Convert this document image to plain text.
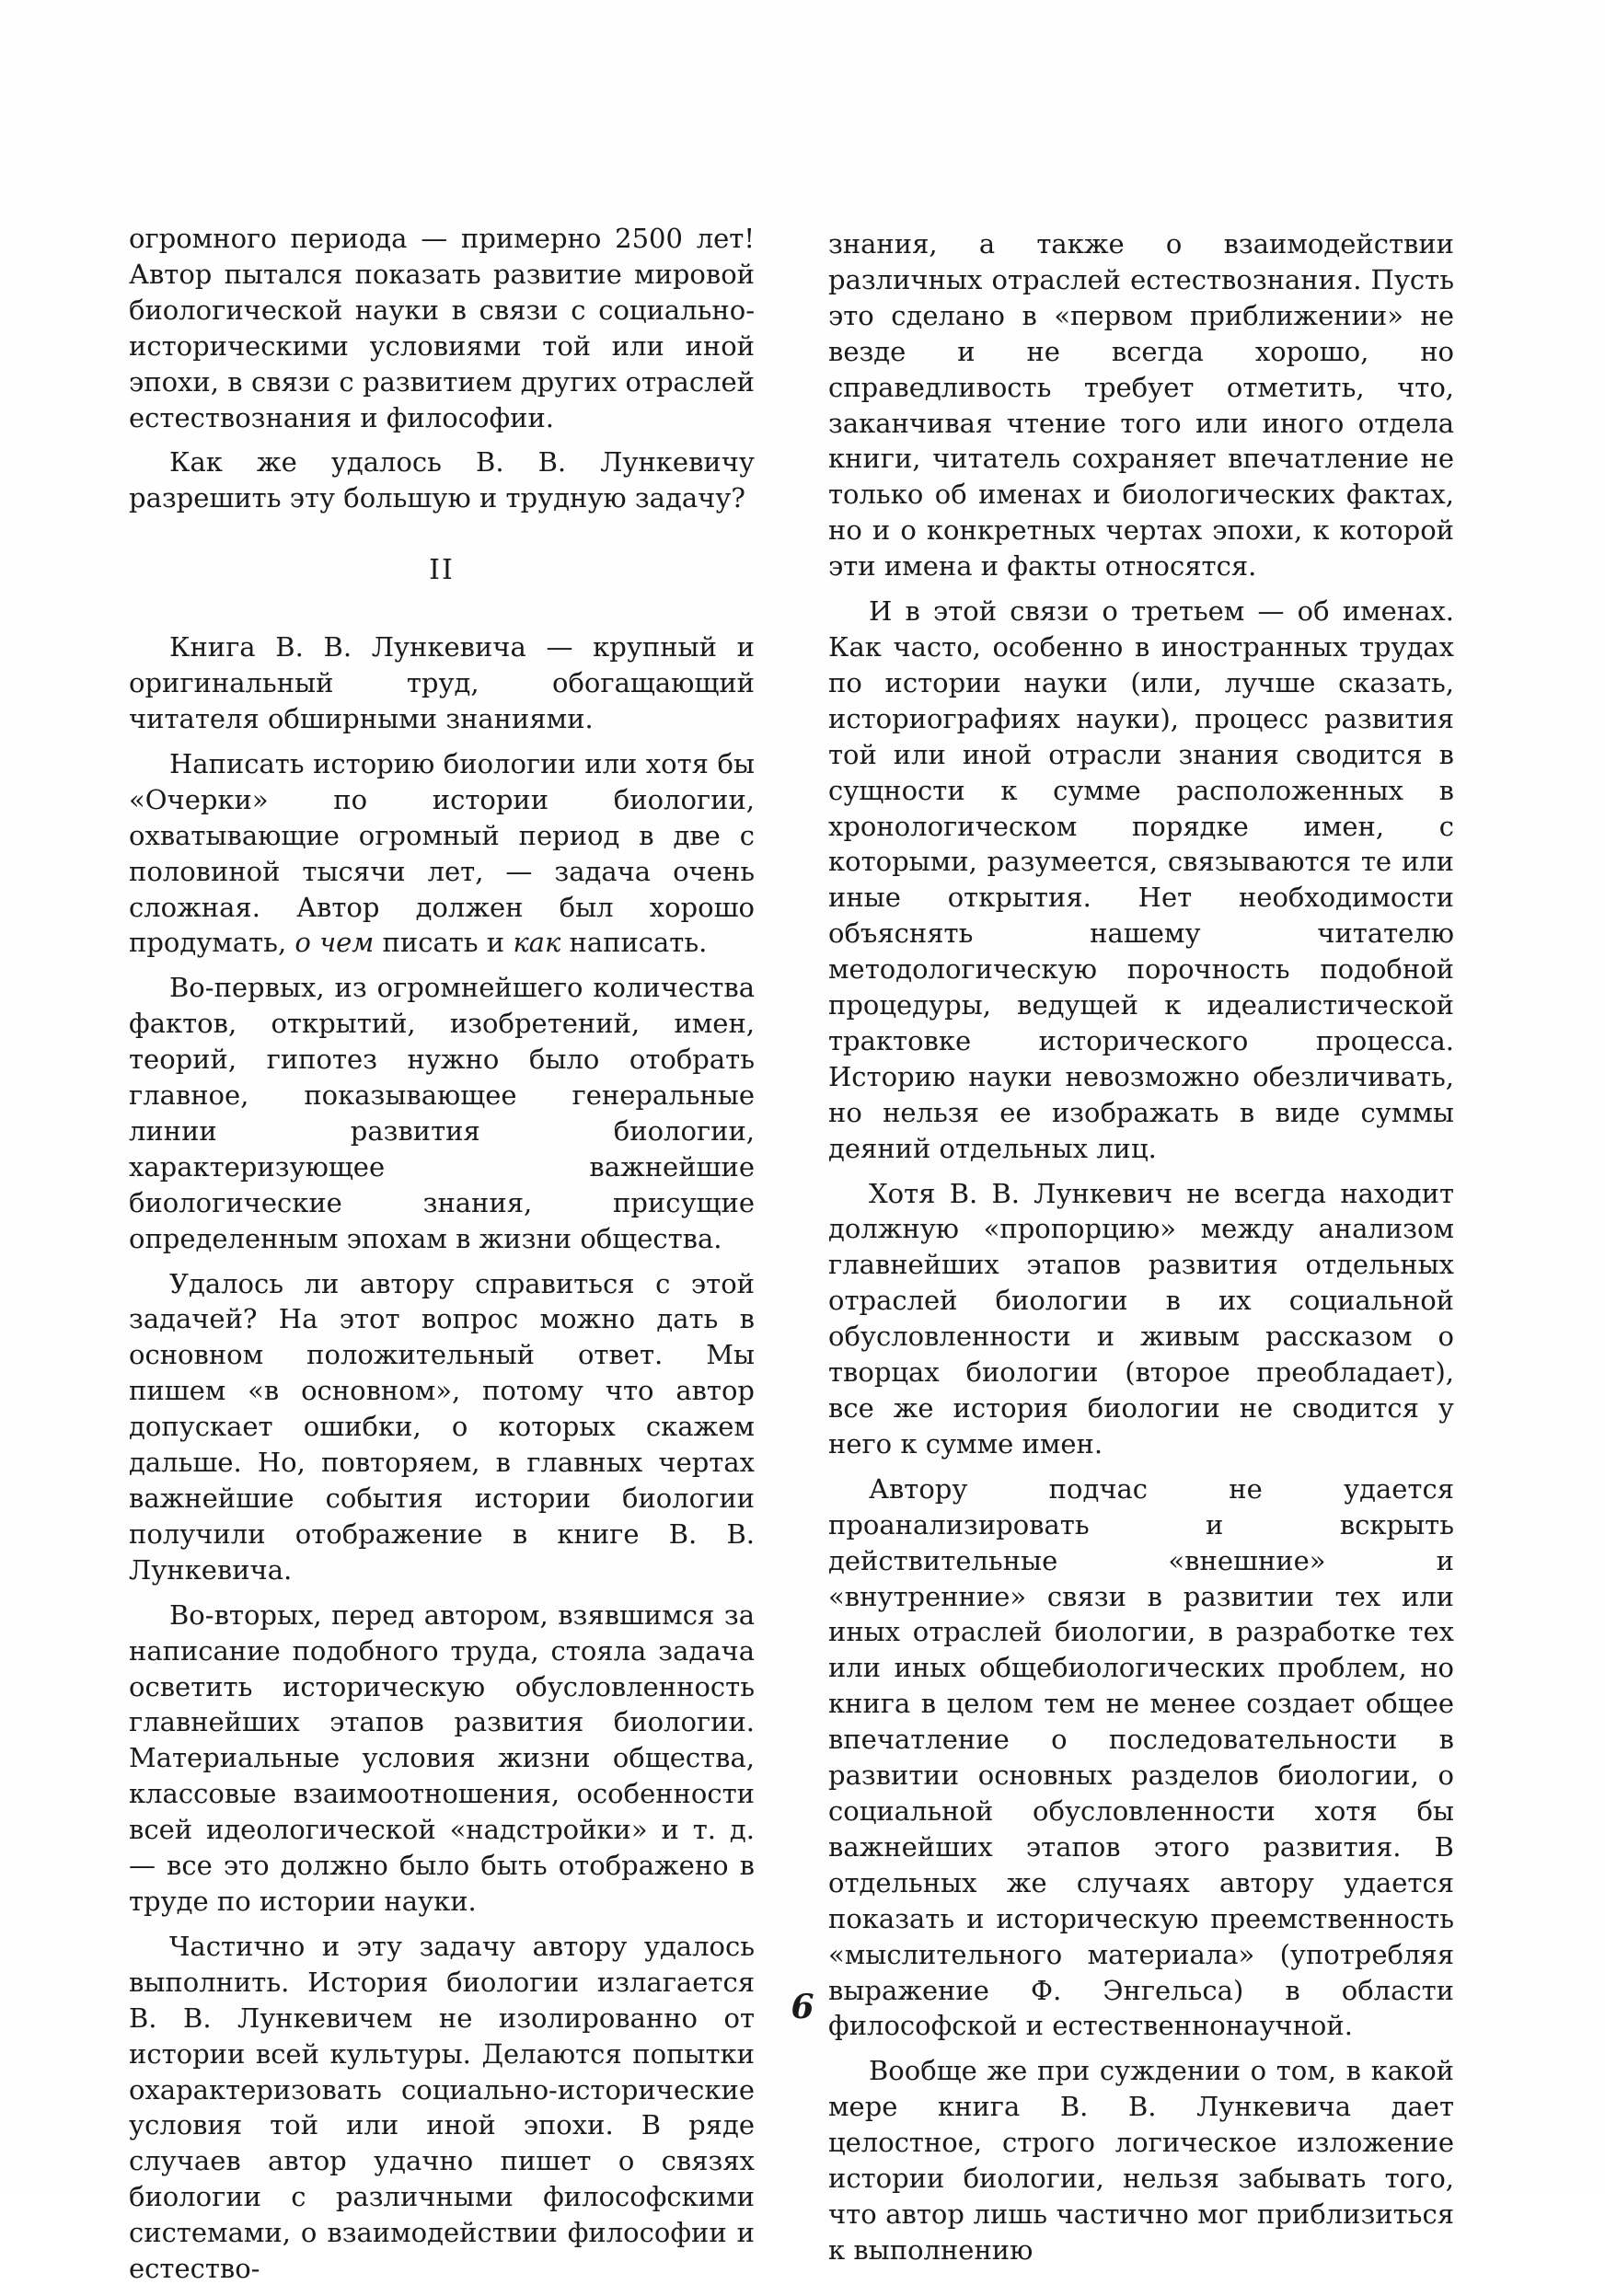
огромного периода — примерно 2500 лет! Автор пытался показать развитие мировой биологической науки в связи с социально-историческими условиями той или иной эпохи, в связи с развитием других отраслей естествознания и философии.

Как же удалось В. В. Лункевичу разрешить эту большую и трудную задачу?

II

Книга В. В. Лункевича — крупный и оригинальный труд, обогащающий читателя обширными знаниями.

Написать историю биологии или хотя бы «Очерки» по истории биологии, охватывающие огромный период в две с половиной тысячи лет, — задача очень сложная. Автор должен был хорошо продумать, о чем писать и как написать.

Во-первых, из огромнейшего количества фактов, открытий, изобретений, имен, теорий, гипотез нужно было отобрать главное, показывающее генеральные линии развития биологии, характеризующее важнейшие биологические знания, присущие определенным эпохам в жизни общества.

Удалось ли автору справиться с этой задачей? На этот вопрос можно дать в основном положительный ответ. Мы пишем «в основном», потому что автор допускает ошибки, о которых скажем дальше. Но, повторяем, в главных чертах важнейшие события истории биологии получили отображение в книге В. В. Лункевича.

Во-вторых, перед автором, взявшимся за написание подобного труда, стояла задача осветить историческую обусловленность главнейших этапов развития биологии. Материальные условия жизни общества, классовые взаимоотношения, особенности всей идеологической «надстройки» и т. д. — все это должно было быть отображено в труде по истории науки.

Частично и эту задачу автору удалось выполнить. История биологии излагается В. В. Лункевичем не изолированно от истории всей культуры. Делаются попытки охарактеризовать социально-исторические условия той или иной эпохи. В ряде случаев автор удачно пишет о связях биологии с различными философскими системами, о взаимодействии философии и естество-

знания, а также о взаимодействии различных отраслей естествознания. Пусть это сделано в «первом приближении» не везде и не всегда хорошо, но справедливость требует отметить, что, заканчивая чтение того или иного отдела книги, читатель сохраняет впечатление не только об именах и биологических фактах, но и о конкретных чертах эпохи, к которой эти имена и факты относятся.

И в этой связи о третьем — об именах. Как часто, особенно в иностранных трудах по истории науки (или, лучше сказать, историографиях науки), процесс развития той или иной отрасли знания сводится в сущности к сумме расположенных в хронологическом порядке имен, с которыми, разумеется, связываются те или иные открытия. Нет необходимости объяснять нашему читателю методологическую порочность подобной процедуры, ведущей к идеалистической трактовке исторического процесса. Историю науки невозможно обезличивать, но нельзя ее изображать в виде суммы деяний отдельных лиц.

Хотя В. В. Лункевич не всегда находит должную «пропорцию» между анализом главнейших этапов развития отдельных отраслей биологии в их социальной обусловленности и живым рассказом о творцах биологии (второе преобладает), все же история биологии не сводится у него к сумме имен.

Автору подчас не удается проанализировать и вскрыть действительные «внешние» и «внутренние» связи в развитии тех или иных отраслей биологии, в разработке тех или иных общебиологических проблем, но книга в целом тем не менее создает общее впечатление о последовательности в развитии основных разделов биологии, о социальной обусловленности хотя бы важнейших этапов этого развития. В отдельных же случаях автору удается показать и историческую преемственность «мыслительного материала» (употребляя выражение Ф. Энгельса) в области философской и естественнонаучной.

Вообще же при суждении о том, в какой мере книга В. В. Лункевича дает целостное, строго логическое изложение истории биологии, нельзя забывать того, что автор лишь частично мог приблизиться к выполнению

6
